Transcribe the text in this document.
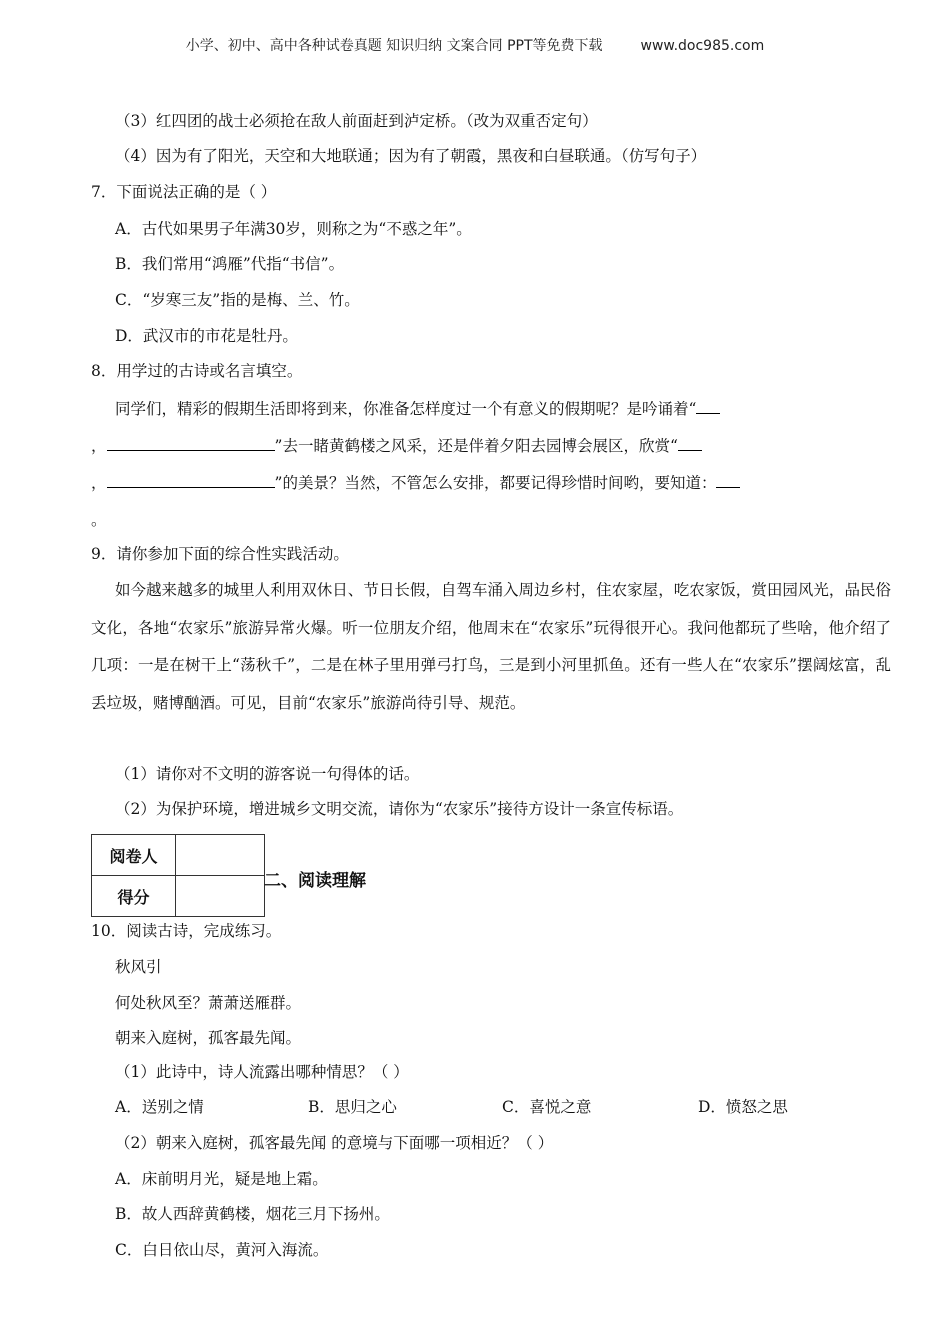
小学、初中、高中各种试卷真题 知识归纳 文案合同 PPT等免费下载	www.doc985.com
（3）红四团的战士必须抢在敌人前面赶到泸定桥。（改为双重否定句）
（4）因为有了阳光，天空和大地联通；因为有了朝霞，黑夜和白昼联通。（仿写句子）
7．下面说法正确的是（ ）
A．古代如果男子年满30岁，则称之为“不惑之年”。
B．我们常用“鸿雁”代指“书信”。
C．“岁寒三友”指的是梅、兰、竹。
D．武汉市的市花是牡丹。
8．用学过的古诗或名言填空。
同学们，精彩的假期生活即将到来，你准备怎样度过一个有意义的假期呢？是吟诵着“
，	”去一睹黄鹤楼之风采，还是伴着夕阳去园博会展区，欣赏“
，	”的美景？当然，不管怎么安排，都要记得珍惜时间哟，要知道：
。
9．请你参加下面的综合性实践活动。
如今越来越多的城里人利用双休日、节日长假，自驾车涌入周边乡村，住农家屋，吃农家饭，赏田园风光，品民俗文化，各地“农家乐”旅游异常火爆。听一位朋友介绍，他周末在“农家乐”玩得很开心。我问他都玩了些啥，他介绍了几项：一是在树干上“荡秋千”，二是在林子里用弹弓打鸟，三是到小河里抓鱼。还有一些人在“农家乐”摆阔炫富，乱丢垃圾，赌博酗酒。可见，目前“农家乐”旅游尚待引导、规范。
（1）请你对不文明的游客说一句得体的话。
（2）为保护环境，增进城乡文明交流，请你为“农家乐”接待方设计一条宣传标语。
阅卷人	
得分	
二、阅读理解
10．阅读古诗，完成练习。
秋风引
何处秋风至？萧萧送雁群。
朝来入庭树，孤客最先闻。
（1）此诗中，诗人流露出哪种情思？（ ）
A．送别之情	B．思归之心	C．喜悦之意	D．愤怒之思
（2）朝来入庭树，孤客最先闻 的意境与下面哪一项相近？（ ）
A．床前明月光，疑是地上霜。
B．故人西辞黄鹤楼，烟花三月下扬州。
C．白日依山尽，黄河入海流。
